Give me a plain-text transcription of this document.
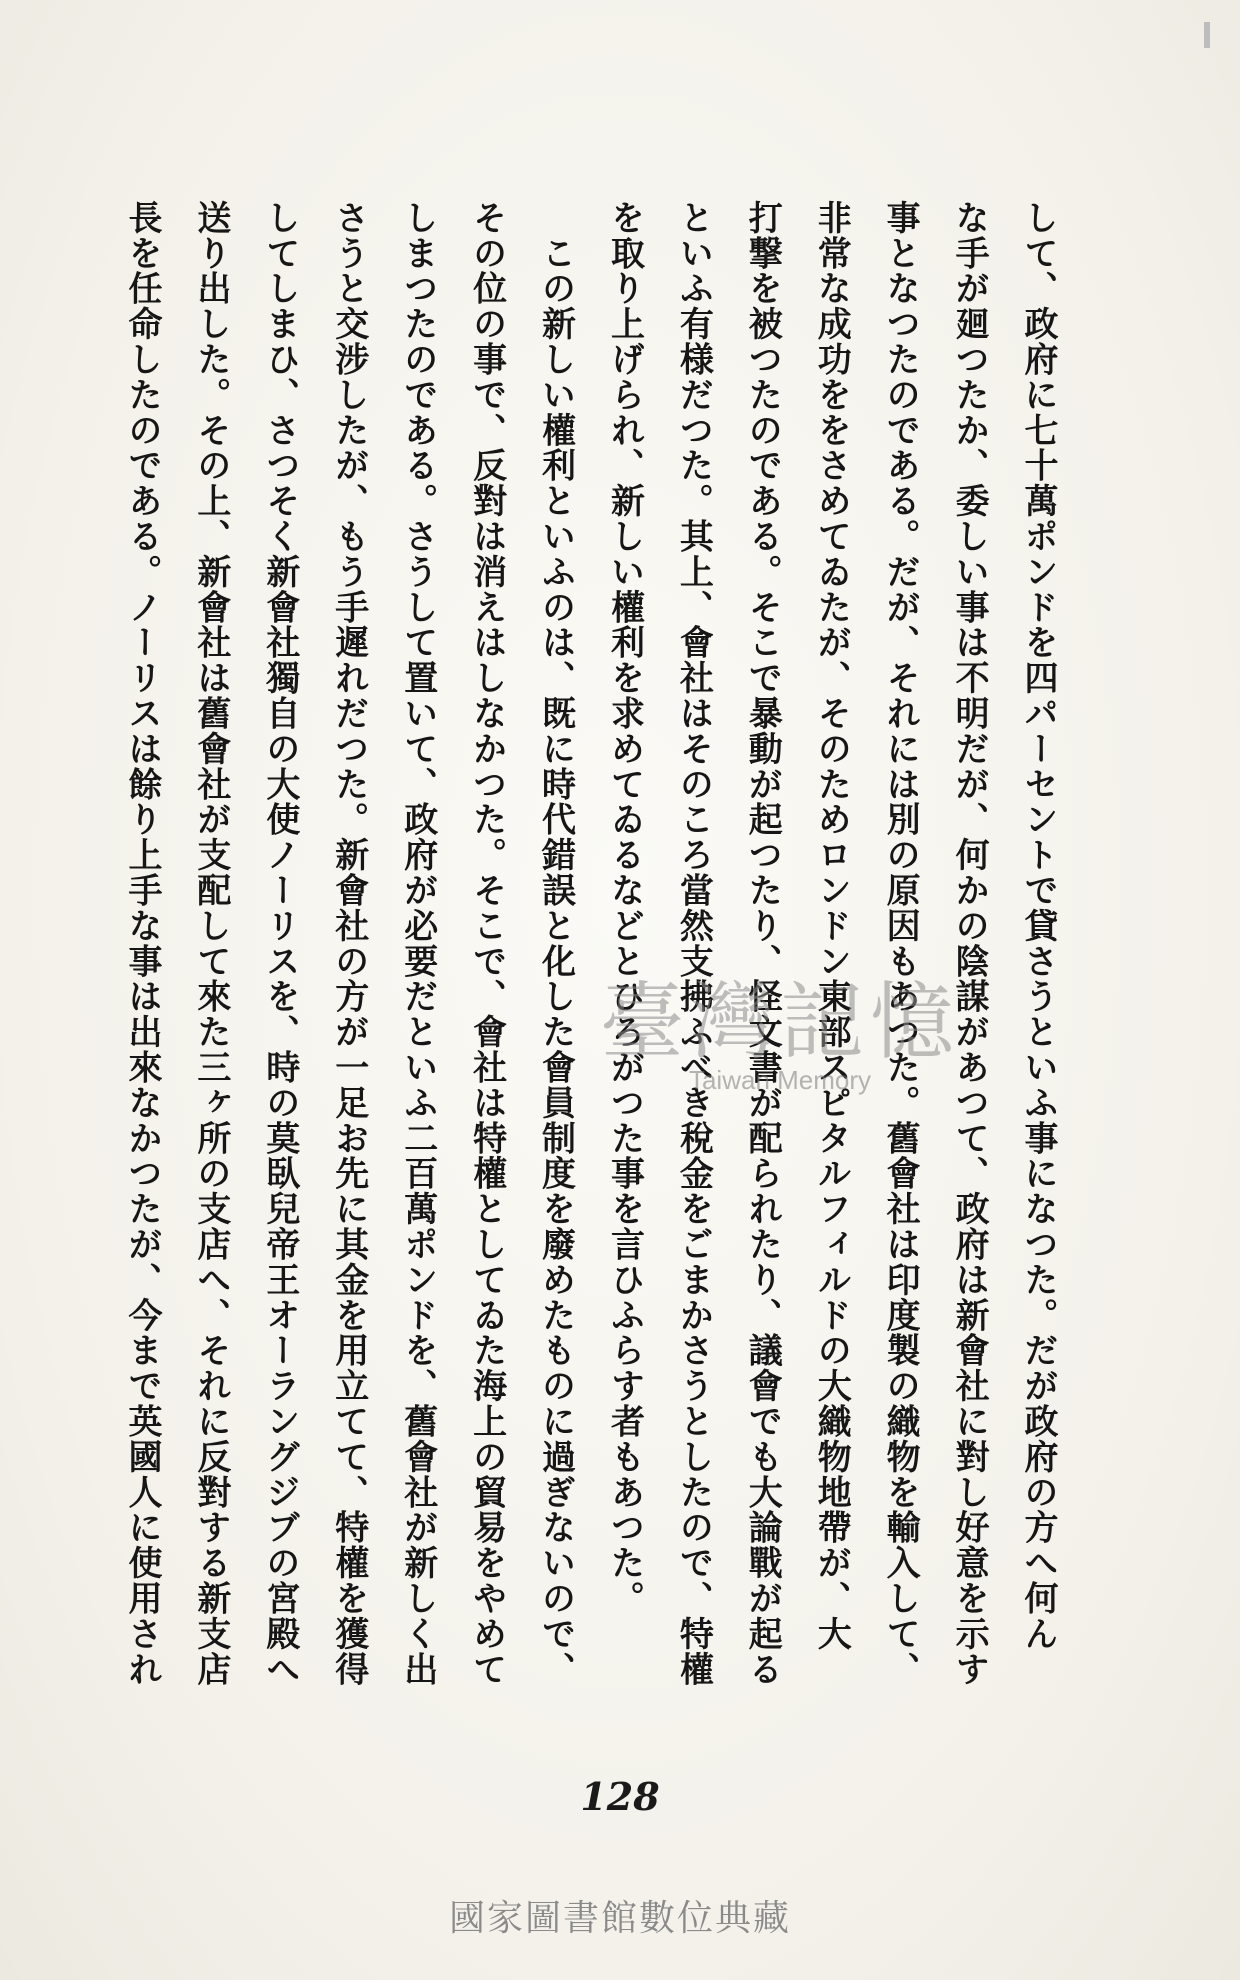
して、政府に七十萬ポンドを四パーセントで貸さうといふ事になつた。だが政府の方へ何ん
な手が廻つたか、委しい事は不明だが、何かの陰謀があつて、政府は新會社に對し好意を示す
事となつたのである。だが、それには別の原因もあつた。舊會社は印度製の織物を輸入して、
非常な成功ををさめてゐたが、そのためロンドン東部スピタルフィルドの大織物地帶が、大
打撃を被つたのである。そこで暴動が起つたり、怪文書が配られたり、議會でも大論戰が起る
といふ有様だつた。其上、會社はそのころ當然支拂ふべき稅金をごまかさうとしたので、特權
を取り上げられ、新しい權利を求めてゐるなどとひろがつた事を言ひふらす者もあつた。
　この新しい權利といふのは、既に時代錯誤と化した會員制度を廢めたものに過ぎないので、
その位の事で、反對は消えはしなかつた。そこで、會社は特權としてゐた海上の貿易をやめて
しまつたのである。さうして置いて、政府が必要だといふ二百萬ポンドを、舊會社が新しく出
さうと交涉したが、もう手遲れだつた。新會社の方が一足お先に其金を用立てて、特權を獲得
してしまひ、さつそく新會社獨自の大使ノーリスを、時の莫臥兒帝王オーラングジブの宮殿へ
送り出した。その上、新會社は舊會社が支配して來た三ヶ所の支店へ、それに反對する新支店
長を任命したのである。ノーリスは餘り上手な事は出來なかつたが、今まで英國人に使用され	臺灣記憶
Taiwan Memory
128
國家圖書館數位典藏
